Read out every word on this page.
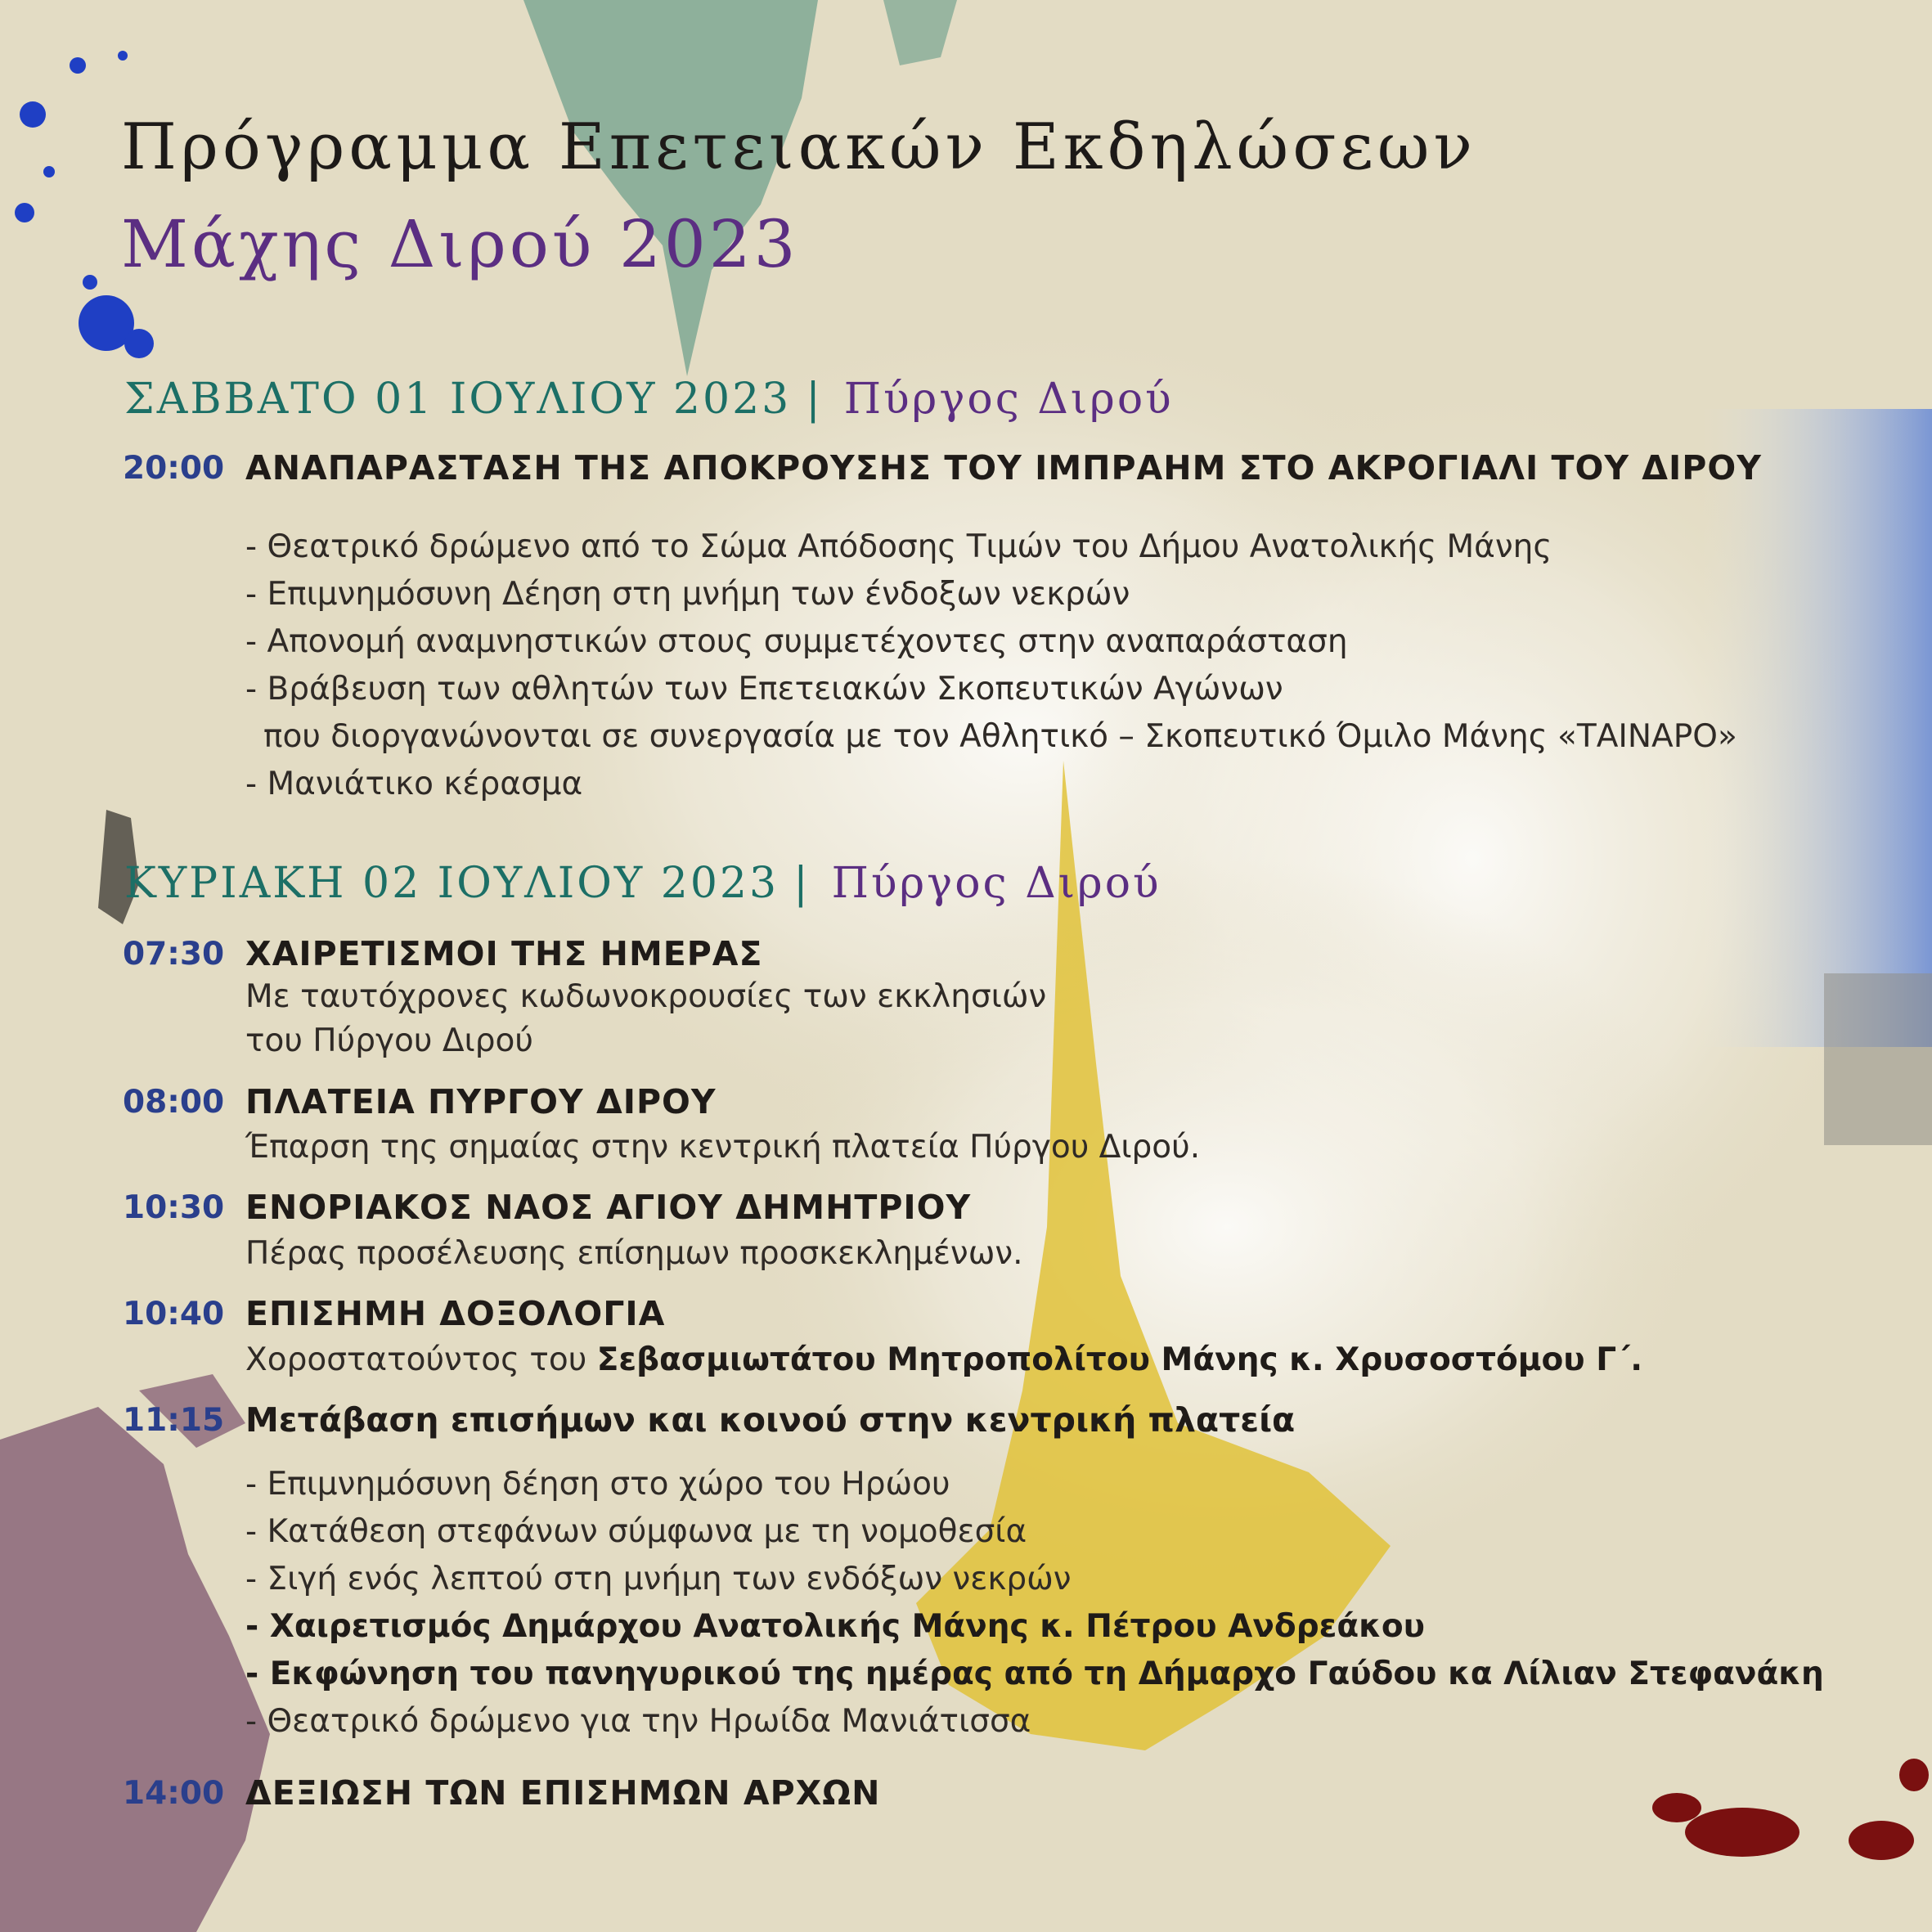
Πρόγραμμα Επετειακών Εκδηλώσεων
Μάχης Διρού 2023
ΣΑΒΒΑΤΟ 01 ΙΟΥΛΙΟΥ 2023 | Πύργος Διρού
20:00 ΑΝΑΠΑΡΑΣΤΑΣΗ ΤΗΣ ΑΠΟΚΡΟΥΣΗΣ ΤΟΥ ΙΜΠΡΑΗΜ ΣΤΟ ΑΚΡΟΓΙΑΛΙ ΤΟΥ ΔΙΡΟΥ
- Θεατρικό δρώμενο από το Σώμα Απόδοσης Τιμών του Δήμου Ανατολικής Μάνης
- Επιμνημόσυνη Δέηση στη μνήμη των ένδοξων νεκρών
- Απονομή αναμνηστικών στους συμμετέχοντες στην αναπαράσταση
- Βράβευση των αθλητών των Επετειακών Σκοπευτικών Αγώνων
που διοργανώνονται σε συνεργασία με τον Αθλητικό – Σκοπευτικό Όμιλο Μάνης «ΤΑΙΝΑΡΟ»
- Μανιάτικο κέρασμα
ΚΥΡΙΑΚΗ 02 ΙΟΥΛΙΟΥ 2023 | Πύργος Διρού
07:30 ΧΑΙΡΕΤΙΣΜΟΙ ΤΗΣ ΗΜΕΡΑΣ
Με ταυτόχρονες κωδωνοκρουσίες των εκκλησιών
του Πύργου Διρού
08:00 ΠΛΑΤΕΙΑ ΠΥΡΓΟΥ ΔΙΡΟΥ
Έπαρση της σημαίας στην κεντρική πλατεία Πύργου Διρού.
10:30 ΕΝΟΡΙΑΚΟΣ ΝΑΟΣ ΑΓΙΟΥ ΔΗΜΗΤΡΙΟΥ
Πέρας προσέλευσης επίσημων προσκεκλημένων.
10:40 ΕΠΙΣΗΜΗ ΔΟΞΟΛΟΓΙΑ
Χοροστατούντος του Σεβασμιωτάτου Μητροπολίτου Μάνης κ. Χρυσοστόμου Γ΄.
11:15 Μετάβαση επισήμων και κοινού στην κεντρική πλατεία
- Επιμνημόσυνη δέηση στο χώρο του Ηρώου
- Κατάθεση στεφάνων σύμφωνα με τη νομοθεσία
- Σιγή ενός λεπτού στη μνήμη των ενδόξων νεκρών
- Χαιρετισμός Δημάρχου Ανατολικής Μάνης κ. Πέτρου Ανδρεάκου
- Εκφώνηση του πανηγυρικού της ημέρας από τη Δήμαρχο Γαύδου κα Λίλιαν Στεφανάκη
- Θεατρικό δρώμενο για την Ηρωίδα Μανιάτισσα
14:00 ΔΕΞΙΩΣΗ ΤΩΝ ΕΠΙΣΗΜΩΝ ΑΡΧΩΝ
